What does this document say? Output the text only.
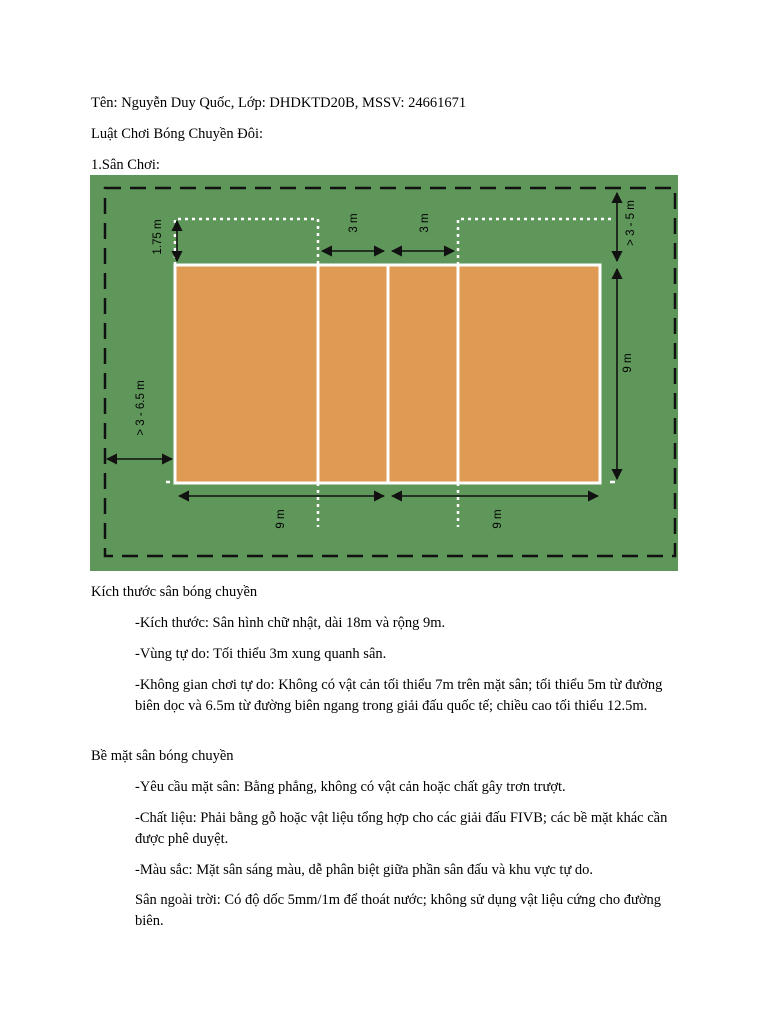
Tên: Nguyễn Duy Quốc, Lớp: DHDKTD20B, MSSV: 24661671
Luật Chơi Bóng Chuyền Đôi:
1.Sân Chơi:
1.75 m	3 m	3 m	> 3 - 5 m
9 m
> 3 - 6.5 m
9 m	9 m
Kích thước sân bóng chuyền
-Kích thước: Sân hình chữ nhật, dài 18m và rộng 9m.
-Vùng tự do: Tối thiểu 3m xung quanh sân.
-Không gian chơi tự do: Không có vật cản tối thiểu 7m trên mặt sân; tối thiểu 5m từ đường biên dọc và 6.5m từ đường biên ngang trong giải đấu quốc tế; chiều cao tối thiểu 12.5m.
Bề mặt sân bóng chuyền
-Yêu cầu mặt sân: Bằng phẳng, không có vật cản hoặc chất gây trơn trượt.
-Chất liệu: Phải bằng gỗ hoặc vật liệu tổng hợp cho các giải đấu FIVB; các bề mặt khác cần được phê duyệt.
-Màu sắc: Mặt sân sáng màu, dễ phân biệt giữa phần sân đấu và khu vực tự do.
Sân ngoài trời: Có độ dốc 5mm/1m để thoát nước; không sử dụng vật liệu cứng cho đường biên.
